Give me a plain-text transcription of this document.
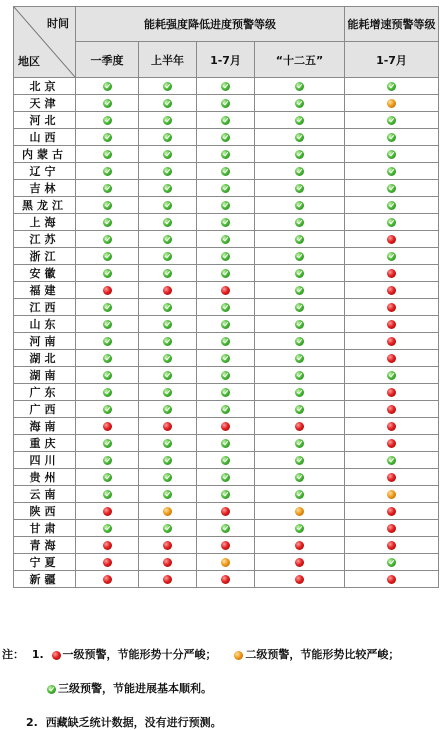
时间
地区	能耗强度降低进度预警等级				能耗增速预警等级
	一季度	上半年	1-7月	“十二五”	1-7月
北京					
天津					
河北					
山西					
内蒙古					
辽宁					
吉林					
黑龙江					
上海					
江苏					
浙江					
安徽					
福建					
江西					
山东					
河南					
湖北					
湖南					
广东					
广西					
海南					
重庆					
四川					
贵州					
云南					
陕西					
甘肃					
青海					
宁夏					
新疆					
注： 1. 一级预警，节能形势十分严峻；	二级预警，节能形势比较严峻；
三级预警，节能进展基本顺利。
2. 西藏缺乏统计数据，没有进行预测。
